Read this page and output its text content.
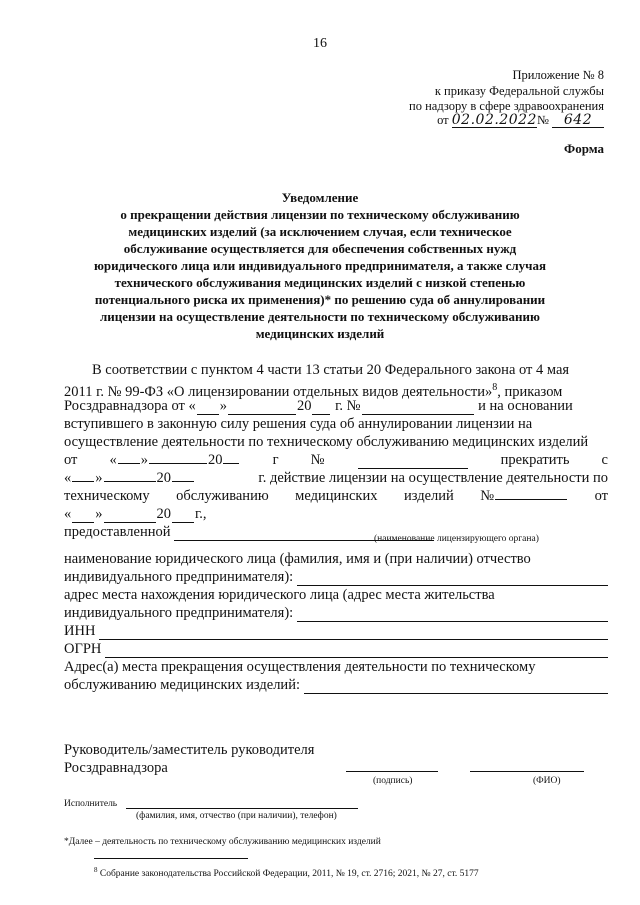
16
Приложение № 8
к приказу Федеральной службы
по надзору в сфере здравоохранения
от 02.02.2022№ 642
Форма
Уведомление
о прекращении действия лицензии по техническому обслуживанию
медицинских изделий (за исключением случая, если техническое
обслуживание осуществляется для обеспечения собственных нужд
юридического лица или индивидуального предпринимателя, а также случая
технического обслуживания медицинских изделий с низкой степенью
потенциального риска их применения)* по решению суда об аннулировании
лицензии на осуществление деятельности по техническому обслуживанию
медицинских изделий
В соответствии с пунктом 4 части 13 статьи 20 Федерального закона от 4 мая
2011 г. № 99-ФЗ «О лицензировании отдельных видов деятельности»$^8$, приказом
Росздравнадзора от « »	20
г. №
	и на основании
вступившего в законную силу решения суда об аннулировании лицензии на
осуществление деятельности по техническому обслуживанию медицинских изделий
от « »	20	г №	прекратить с
« »	20	г. действие лицензии на осуществление деятельности по
техническому обслуживанию медицинских изделий №	от
« »	20 г.,
предоставленной	(наименование лицензирующего органа)
наименование юридического лица (фамилия, имя и (при наличии) отчество
индивидуального предпринимателя):
адрес места нахождения юридического лица (адрес места жительства
индивидуального предпринимателя):
ИНН
ОГРН
Адрес(а) места прекращения осуществления деятельности по техническому
обслуживанию медицинских изделий:
Руководитель/заместитель руководителя
Росздравнадзора
(подпись)	(ФИО)
Исполнитель
(фамилия, имя, отчество (при наличии), телефон)
*Далее – деятельность по техническому обслуживанию медицинских изделий
$^8$ Собрание законодательства Российской Федерации, 2011, № 19, ст. 2716; 2021, № 27, ст. 5177
